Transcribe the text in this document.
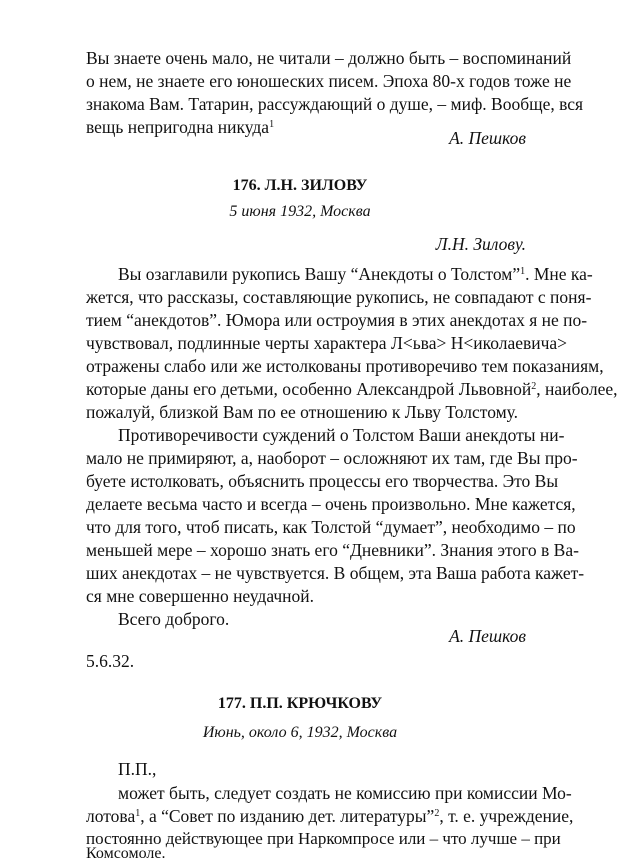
Вы знаете очень мало, не читали – должно быть – воспоминаний
о нем, не знаете его юношеских писем. Эпоха 80-х годов тоже не
знакома Вам. Татарин, рассуждающий о душе, – миф. Вообще, вся
вещь непригодна никуда$^1$
А. Пешков
176. Л.Н. ЗИЛОВУ
5 июня 1932, Москва
Л.Н. Зилову.
Вы озаглавили рукопись Вашу “Анекдоты о Толстом”$^1$. Мне ка-
жется, что рассказы, составляющие рукопись, не совпадают с поня-
тием “анекдотов”. Юмора или остроумия в этих анекдотах я не по-
чувствовал, подлинные черты характера Л<ьва> Н<иколаевича>
отражены слабо или же истолкованы противоречиво тем показаниям,
которые даны его детьми, особенно Александрой Львовной$^2$, наиболее,
пожалуй, близкой Вам по ее отношению к Льву Толстому.
Противоречивости суждений о Толстом Ваши анекдоты ни-
мало не примиряют, а, наоборот – осложняют их там, где Вы про-
буете истолковать, объяснить процессы его творчества. Это Вы
делаете весьма часто и всегда – очень произвольно. Мне кажется,
что для того, чтоб писать, как Толстой “думает”, необходимо – по
меньшей мере – хорошо знать его “Дневники”. Знания этого в Ва-
ших анекдотах – не чувствуется. В общем, эта Ваша работа кажет-
ся мне совершенно неудачной.
Всего доброго.
А. Пешков
5.6.32.
177. П.П. КРЮЧКОВУ
Июнь, около 6, 1932, Москва
П.П.,
может быть, следует создать не комиссию при комиссии Мо-
лотова$^1$, а “Совет по изданию дет. литературы”$^2$, т. е. учреждение,
постоянно действующее при Наркомпросе или – что лучше – при
Комсомоле.
